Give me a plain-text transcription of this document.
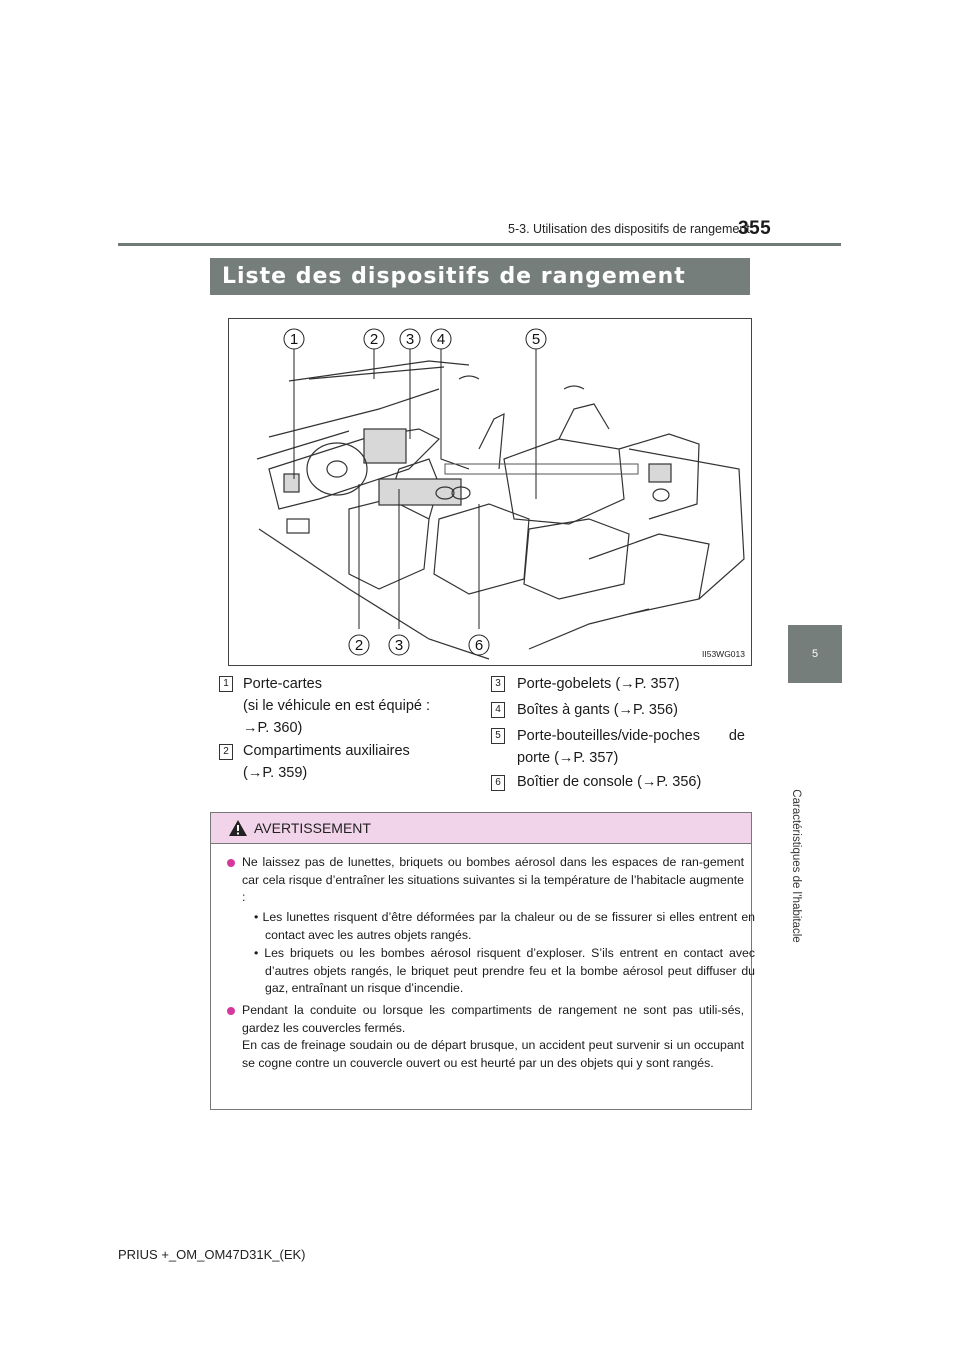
5-3. Utilisation des dispositifs de rangement
355
5
Caractéristiques de l’habitacle
Liste des dispositifs de rangement
1	2 3 4	5
2 3	6	II53WG013
1 Porte-cartes
(si le véhicule en est équipé :
→P. 360)
2 Compartiments auxiliaires
(→P. 359)
3 Porte-gobelets (→P. 357)
4 Boîtes à gants (→P. 356)
5 Porte-bouteilles/vide-poches de
porte (→P. 357)
6 Boîtier de console (→P. 356)
AVERTISSEMENT
Ne laissez pas de lunettes, briquets ou bombes aérosol dans les espaces de ran-gement car cela risque d’entraîner les situations suivantes si la température de l’habitacle augmente :
• Les lunettes risquent d’être déformées par la chaleur ou de se fissurer si elles entrent en contact avec les autres objets rangés.
• Les briquets ou les bombes aérosol risquent d’exploser. S’ils entrent en contact avec d’autres objets rangés, le briquet peut prendre feu et la bombe aérosol peut diffuser du gaz, entraînant un risque d’incendie.
Pendant la conduite ou lorsque les compartiments de rangement ne sont pas utili-sés, gardez les couvercles fermés.
En cas de freinage soudain ou de départ brusque, un accident peut survenir si un occupant se cogne contre un couvercle ouvert ou est heurté par un des objets qui y sont rangés.
PRIUS +_OM_OM47D31K_(EK)
